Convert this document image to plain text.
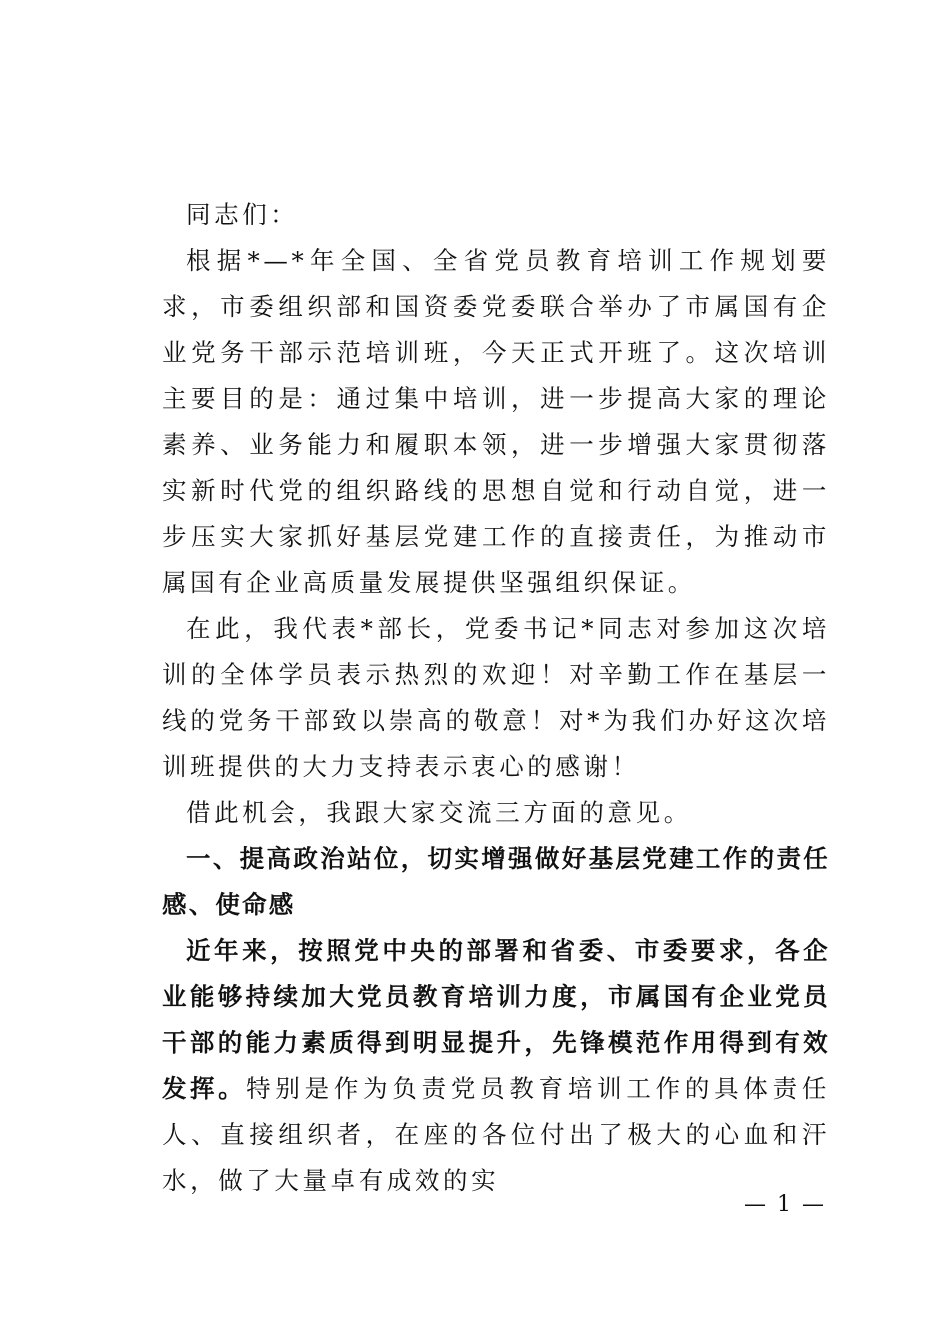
同志们：

根据*—*年全国、全省党员教育培训工作规划要求，市委组织部和国资委党委联合举办了市属国有企业党务干部示范培训班，今天正式开班了。这次培训主要目的是：通过集中培训，进一步提高大家的理论素养、业务能力和履职本领，进一步增强大家贯彻落实新时代党的组织路线的思想自觉和行动自觉，进一步压实大家抓好基层党建工作的直接责任，为推动市属国有企业高质量发展提供坚强组织保证。

在此，我代表*部长，党委书记*同志对参加这次培训的全体学员表示热烈的欢迎！对辛勤工作在基层一线的党务干部致以崇高的敬意！对*为我们办好这次培训班提供的大力支持表示衷心的感谢！

借此机会，我跟大家交流三方面的意见。

一、提高政治站位，切实增强做好基层党建工作的责任感、使命感

近年来，按照党中央的部署和省委、市委要求，各企业能够持续加大党员教育培训力度，市属国有企业党员干部的能力素质得到明显提升，先锋模范作用得到有效发挥。特别是作为负责党员教育培训工作的具体责任人、直接组织者，在座的各位付出了极大的心血和汗水，做了大量卓有成效的实

— 1 —
